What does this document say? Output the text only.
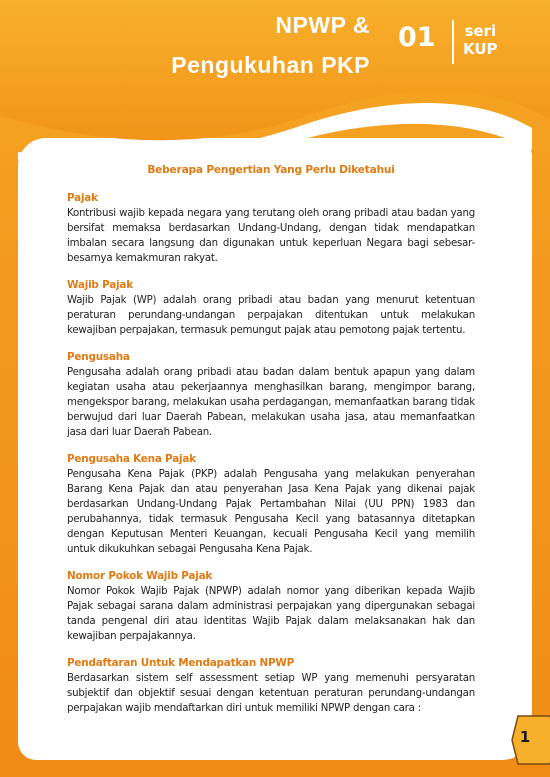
NPWP &
Pengukuhan PKP
01 seri
KUP
Beberapa Pengertian Yang Perlu Diketahui
Pajak

Kontribusi wajib kepada negara yang terutang oleh orang pribadi atau badan yang bersifat memaksa berdasarkan Undang-Undang, dengan tidak mendapatkan imbalan secara langsung dan digunakan untuk keperluan Negara bagi sebesar-besarnya kemakmuran rakyat.

Wajib Pajak

Wajib Pajak (WP) adalah orang pribadi atau badan yang menurut ketentuan peraturan perundang-undangan perpajakan ditentukan untuk melakukan kewajiban perpajakan, termasuk pemungut pajak atau pemotong pajak tertentu.

Pengusaha

Pengusaha adalah orang pribadi atau badan dalam bentuk apapun yang dalam kegiatan usaha atau pekerjaannya menghasilkan barang, mengimpor barang, mengekspor barang, melakukan usaha perdagangan, memanfaatkan barang tidak berwujud dari luar Daerah Pabean, melakukan usaha jasa, atau memanfaatkan jasa dari luar Daerah Pabean.

Pengusaha Kena Pajak

Pengusaha Kena Pajak (PKP) adalah Pengusaha yang melakukan penyerahan Barang Kena Pajak dan atau penyerahan Jasa Kena Pajak yang dikenai pajak berdasarkan Undang-Undang Pajak Pertambahan Nilai (UU PPN) 1983 dan perubahannya, tidak termasuk Pengusaha Kecil yang batasannya ditetapkan dengan Keputusan Menteri Keuangan, kecuali Pengusaha Kecil yang memilih untuk dikukuhkan sebagai Pengusaha Kena Pajak.

Nomor Pokok Wajib Pajak

Nomor Pokok Wajib Pajak (NPWP) adalah nomor yang diberikan kepada Wajib Pajak sebagai sarana dalam administrasi perpajakan yang dipergunakan sebagai tanda pengenal diri atau identitas Wajib Pajak dalam melaksanakan hak dan kewajiban perpajakannya.

Pendaftaran Untuk Mendapatkan NPWP

Berdasarkan sistem self assessment setiap WP yang memenuhi persyaratan subjektif dan objektif sesuai dengan ketentuan peraturan perundang-undangan perpajakan wajib mendaftarkan diri untuk memiliki NPWP dengan cara :

1
